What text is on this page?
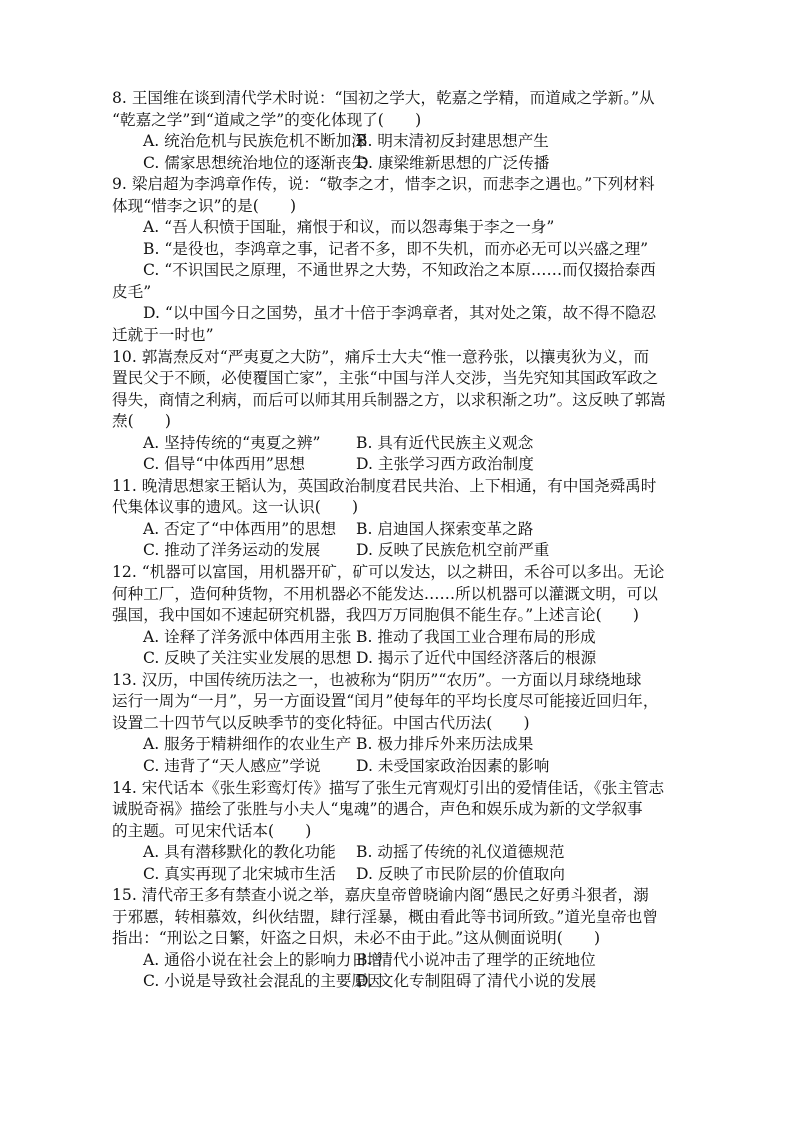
8. 王国维在谈到清代学术时说：“国初之学大，乾嘉之学精，而道咸之学新。”从
“乾嘉之学”到“道咸之学”的变化体现了(　　)
A. 统治危机与民族危机不断加深
B. 明末清初反封建思想产生
C. 儒家思想统治地位的逐渐丧失
D. 康梁维新思想的广泛传播
9. 梁启超为李鸿章作传，说：“敬李之才，惜李之识，而悲李之遇也。”下列材料
体现“惜李之识”的是(　　)
A. “吾人积愤于国耻，痛恨于和议，而以怨毒集于李之一身”
B. “是役也，李鸿章之事，记者不多，即不失机，而亦必无可以兴盛之理”
C. “不识国民之原理，不通世界之大势，不知政治之本原……而仅掇拾泰西
皮毛”
D. “以中国今日之国势，虽才十倍于李鸿章者，其对处之策，故不得不隐忍
迁就于一时也”
10. 郭嵩焘反对“严夷夏之大防”，痛斥士大夫“惟一意矜张，以攘夷狄为义，而
置民父于不顾，必使覆国亡家”，主张“中国与洋人交涉，当先究知其国政军政之
得失，商情之利病，而后可以师其用兵制器之方，以求积渐之功”。这反映了郭嵩
焘(　　)
A. 坚持传统的“夷夏之辨”	B. 具有近代民族主义观念
C. 倡导“中体西用”思想	D. 主张学习西方政治制度
11. 晚清思想家王韬认为，英国政治制度君民共治、上下相通，有中国尧舜禹时
代集体议事的遗风。这一认识(　　)
A. 否定了“中体西用”的思想	B. 启迪国人探索变革之路
C. 推动了洋务运动的发展	D. 反映了民族危机空前严重
12. “机器可以富国，用机器开矿，矿可以发达，以之耕田，禾谷可以多出。无论
何种工厂，造何种货物，不用机器必不能发达……所以机器可以灌溉文明，可以
强国，我中国如不速起研究机器，我四万万同胞俱不能生存。”上述言论(　　)
A. 诠释了洋务派中体西用主张 B. 推动了我国工业合理布局的形成
C. 反映了关注实业发展的思想 D. 揭示了近代中国经济落后的根源
13. 汉历，中国传统历法之一，也被称为“阴历”“农历”。一方面以月球绕地球
运行一周为“一月”，另一方面设置“闰月”使每年的平均长度尽可能接近回归年，
设置二十四节气以反映季节的变化特征。中国古代历法(　　)
A. 服务于精耕细作的农业生产 B. 极力排斥外来历法成果
C. 违背了“天人感应”学说	D. 未受国家政治因素的影响
14. 宋代话本《张生彩鸾灯传》描写了张生元宵观灯引出的爱情佳话，《张主管志
诚脱奇祸》描绘了张胜与小夫人“鬼魂”的遇合，声色和娱乐成为新的文学叙事
的主题。可见宋代话本(　　)
A. 具有潜移默化的教化功能	B. 动摇了传统的礼仪道德规范
C. 真实再现了北宋城市生活	D. 反映了市民阶层的价值取向
15. 清代帝王多有禁查小说之举，嘉庆皇帝曾晓谕内阁“愚民之好勇斗狠者，溺
于邪慝，转相慕效，纠伙结盟，肆行淫暴，概由看此等书词所致。”道光皇帝也曾
指出：“刑讼之日繁，奸盗之日炽，未必不由于此。”这从侧面说明(　　)
A. 通俗小说在社会上的影响力日增
B. 清代小说冲击了理学的正统地位
C. 小说是导致社会混乱的主要原因
D. 文化专制阻碍了清代小说的发展
